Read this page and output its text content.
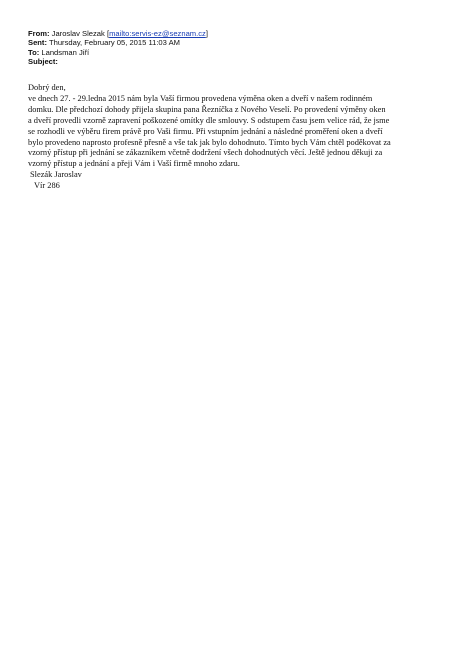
From: Jaroslav Slezak [mailto:servis-ez@seznam.cz]
Sent: Thursday, February 05, 2015 11:03 AM
To: Landsman Jiří
Subject:
Dobrý den,
ve dnech 27. - 29.ledna 2015 nám byla Vaší firmou provedena výměna oken a dveří v našem rodinném
domku. Dle předchozí dohody přijela skupina pana Řezníčka z Nového Veselí. Po provedení výměny oken
a dveří provedli vzorně zapravení poškozené omítky dle smlouvy. S odstupem času jsem velice rád, že jsme
se rozhodli ve výběru firem právě pro Vaši firmu. Při vstupním jednání a následné proměření oken a dveří
bylo provedeno naprosto profesně přesně a vše tak jak bylo dohodnuto. Tímto bych Vám chtěl poděkovat za
vzorný přístup při jednání se zákazníkem včetně dodržení všech dohodnutých věcí. Ještě jednou děkuji za
vzorný přístup a jednání a přeji Vám i Vaší firmě mnoho zdaru.
Slezák Jaroslav
Vír 286
